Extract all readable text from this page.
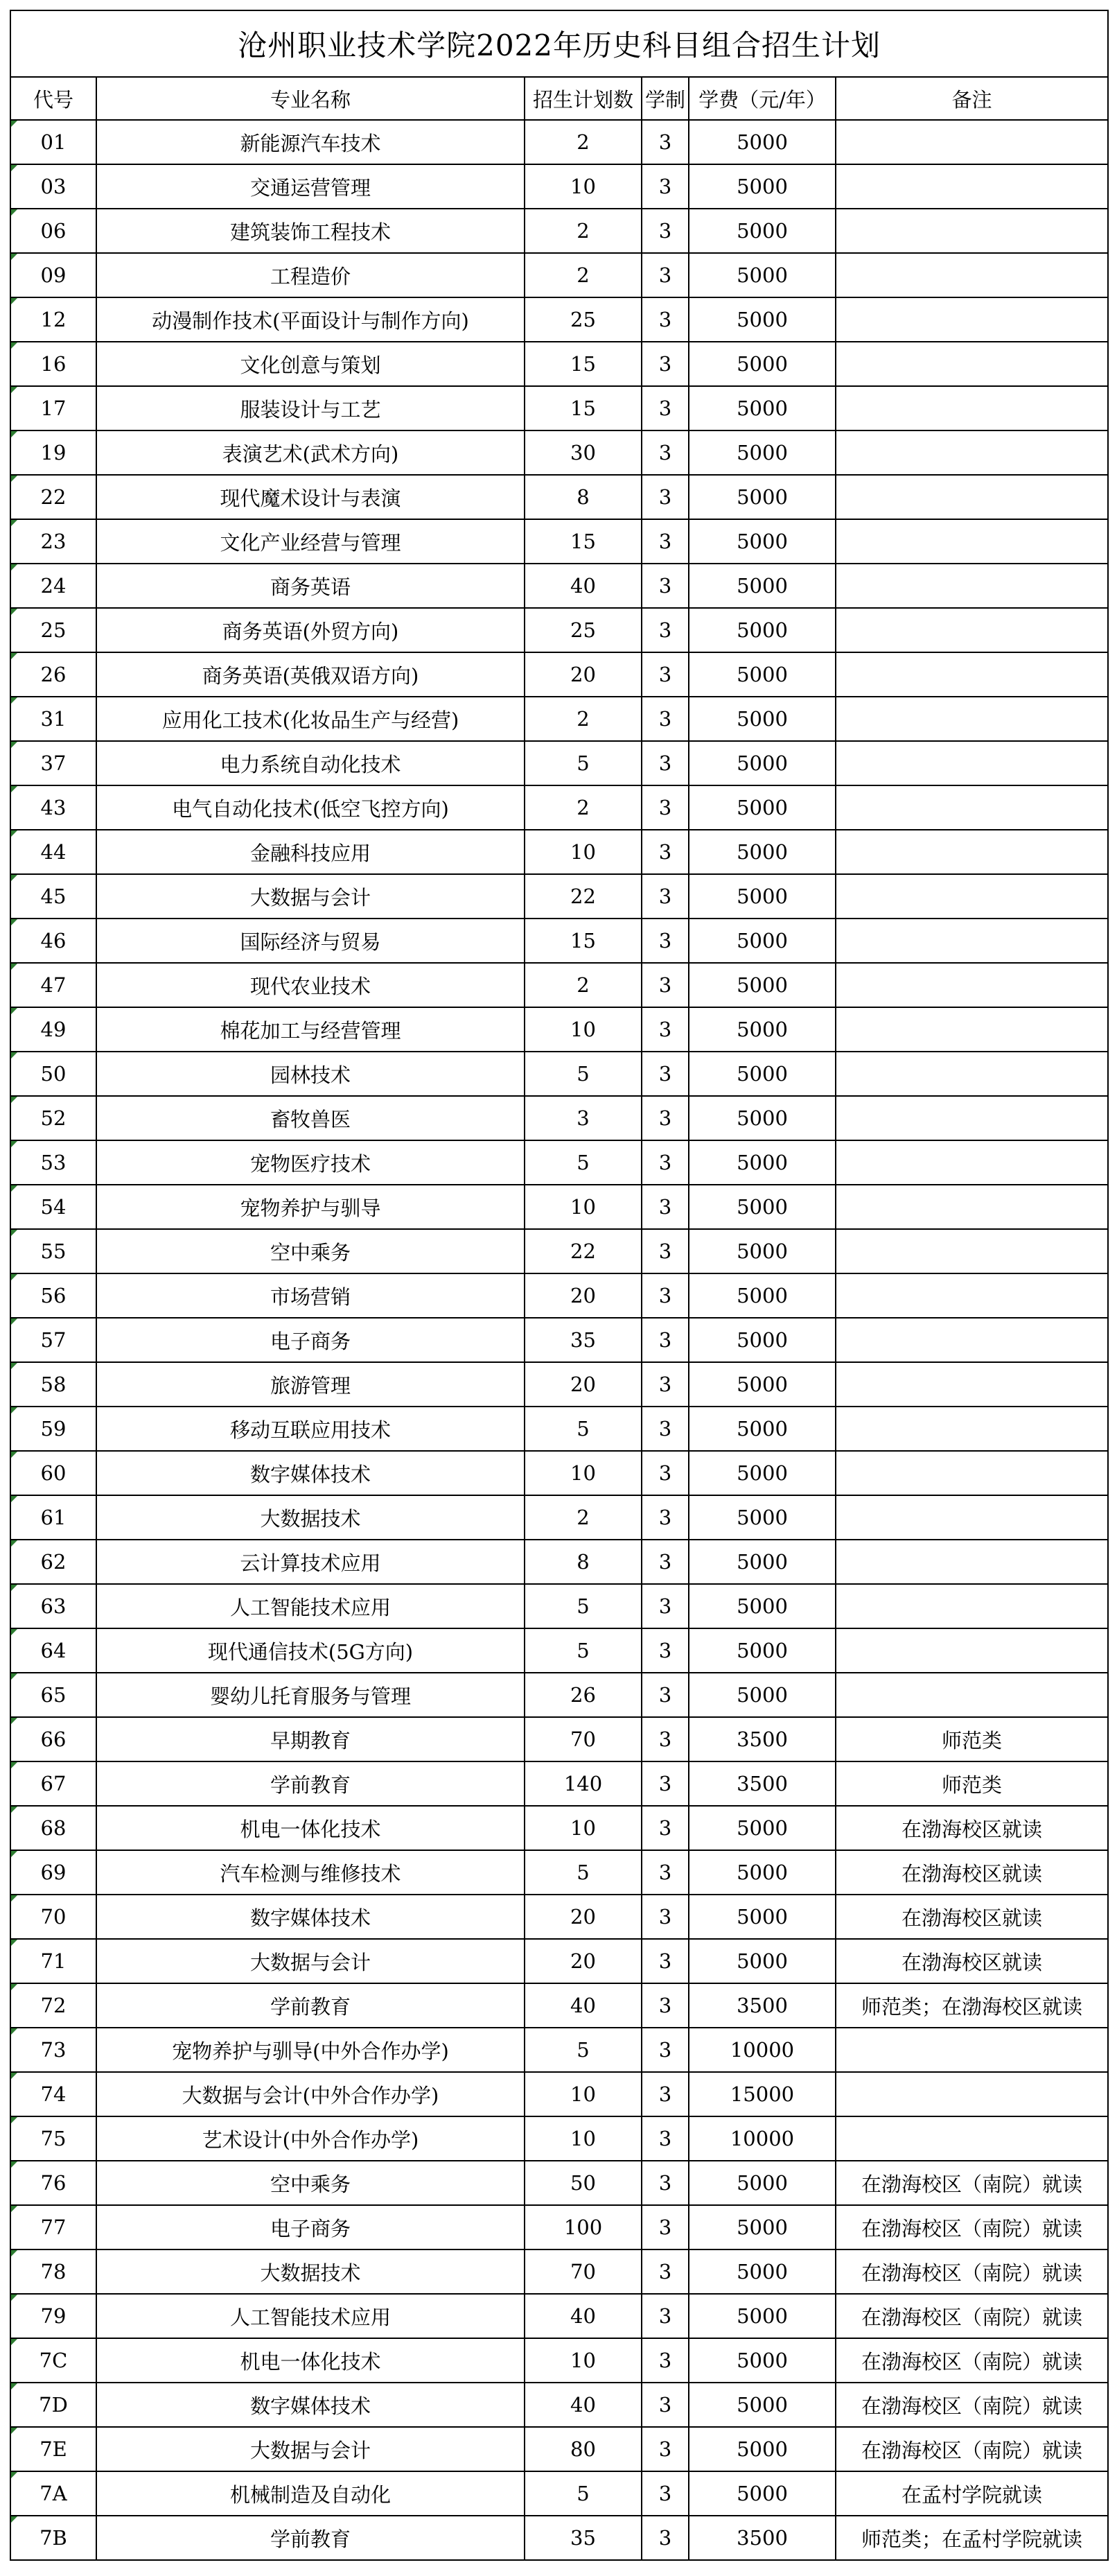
沧州职业技术学院2022年历史科目组合招生计划					
代号	专业名称	招生计划数	学制	学费（元/年）	备注
01	新能源汽车技术	2	3	5000	
03	交通运营管理	10	3	5000	
06	建筑装饰工程技术	2	3	5000	
09	工程造价	2	3	5000	
12	动漫制作技术(平面设计与制作方向)	25	3	5000	
16	文化创意与策划	15	3	5000	
17	服装设计与工艺	15	3	5000	
19	表演艺术(武术方向)	30	3	5000	
22	现代魔术设计与表演	8	3	5000	
23	文化产业经营与管理	15	3	5000	
24	商务英语	40	3	5000	
25	商务英语(外贸方向)	25	3	5000	
26	商务英语(英俄双语方向)	20	3	5000	
31	应用化工技术(化妆品生产与经营)	2	3	5000	
37	电力系统自动化技术	5	3	5000	
43	电气自动化技术(低空飞控方向)	2	3	5000	
44	金融科技应用	10	3	5000	
45	大数据与会计	22	3	5000	
46	国际经济与贸易	15	3	5000	
47	现代农业技术	2	3	5000	
49	棉花加工与经营管理	10	3	5000	
50	园林技术	5	3	5000	
52	畜牧兽医	3	3	5000	
53	宠物医疗技术	5	3	5000	
54	宠物养护与驯导	10	3	5000	
55	空中乘务	22	3	5000	
56	市场营销	20	3	5000	
57	电子商务	35	3	5000	
58	旅游管理	20	3	5000	
59	移动互联应用技术	5	3	5000	
60	数字媒体技术	10	3	5000	
61	大数据技术	2	3	5000	
62	云计算技术应用	8	3	5000	
63	人工智能技术应用	5	3	5000	
64	现代通信技术(5G方向)	5	3	5000	
65	婴幼儿托育服务与管理	26	3	5000	
66	早期教育	70	3	3500	师范类
67	学前教育	140	3	3500	师范类
68	机电一体化技术	10	3	5000	在渤海校区就读
69	汽车检测与维修技术	5	3	5000	在渤海校区就读
70	数字媒体技术	20	3	5000	在渤海校区就读
71	大数据与会计	20	3	5000	在渤海校区就读
72	学前教育	40	3	3500	师范类；在渤海校区就读
73	宠物养护与驯导(中外合作办学)	5	3	10000	
74	大数据与会计(中外合作办学)	10	3	15000	
75	艺术设计(中外合作办学)	10	3	10000	
76	空中乘务	50	3	5000	在渤海校区（南院）就读
77	电子商务	100	3	5000	在渤海校区（南院）就读
78	大数据技术	70	3	5000	在渤海校区（南院）就读
79	人工智能技术应用	40	3	5000	在渤海校区（南院）就读
7C	机电一体化技术	10	3	5000	在渤海校区（南院）就读
7D	数字媒体技术	40	3	5000	在渤海校区（南院）就读
7E	大数据与会计	80	3	5000	在渤海校区（南院）就读
7A	机械制造及自动化	5	3	5000	在孟村学院就读
7B	学前教育	35	3	3500	师范类；在孟村学院就读
